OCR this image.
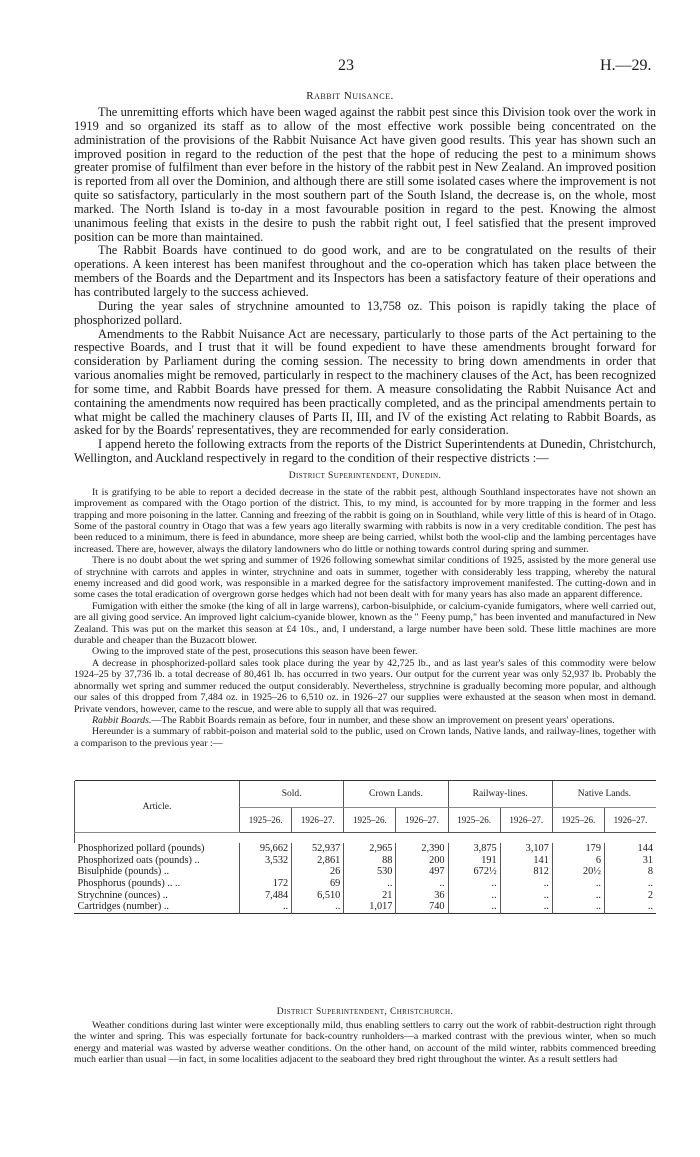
23	H.—29.
Rabbit Nuisance.

The unremitting efforts which have been waged against the rabbit pest since this Division took over the work in 1919 and so organized its staff as to allow of the most effective work possible being concentrated on the administration of the provisions of the Rabbit Nuisance Act have given good results. This year has shown such an improved position in regard to the reduction of the pest that the hope of reducing the pest to a minimum shows greater promise of fulfilment than ever before in the history of the rabbit pest in New Zealand. An improved position is reported from all over the Dominion, and although there are still some isolated cases where the improvement is not quite so satisfactory, particularly in the most southern part of the South Island, the decrease is, on the whole, most marked. The North Island is to-day in a most favourable position in regard to the pest. Knowing the almost unanimous feeling that exists in the desire to push the rabbit right out, I feel satisfied that the present improved position can be more than maintained.

The Rabbit Boards have continued to do good work, and are to be congratulated on the results of their operations. A keen interest has been manifest throughout and the co-operation which has taken place between the members of the Boards and the Department and its Inspectors has been a satisfactory feature of their operations and has contributed largely to the success achieved.

During the year sales of strychnine amounted to 13,758 oz. This poison is rapidly taking the place of phosphorized pollard.

Amendments to the Rabbit Nuisance Act are necessary, particularly to those parts of the Act pertaining to the respective Boards, and I trust that it will be found expedient to have these amendments brought forward for consideration by Parliament during the coming session. The necessity to bring down amendments in order that various anomalies might be removed, particularly in respect to the machinery clauses of the Act, has been recognized for some time, and Rabbit Boards have pressed for them. A measure consolidating the Rabbit Nuisance Act and containing the amendments now required has been practically completed, and as the principal amendments pertain to what might be called the machinery clauses of Parts II, III, and IV of the existing Act relating to Rabbit Boards, as asked for by the Boards' representatives, they are recommended for early consideration.

I append hereto the following extracts from the reports of the District Superintendents at Dunedin, Christchurch, Wellington, and Auckland respectively in regard to the condition of their respective districts :—

District Superintendent, Dunedin.

It is gratifying to be able to report a decided decrease in the state of the rabbit pest, although Southland inspectorates have not shown an improvement as compared with the Otago portion of the district. This, to my mind, is accounted for by more trapping in the former and less trapping and more poisoning in the latter. Canning and freezing of the rabbit is going on in Southland, while very little of this is heard of in Otago. Some of the pastoral country in Otago that was a few years ago literally swarming with rabbits is now in a very creditable condition. The pest has been reduced to a minimum, there is feed in abundance, more sheep are being carried, whilst both the wool-clip and the lambing percentages have increased. There are, however, always the dilatory landowners who do little or nothing towards control during spring and summer.

There is no doubt about the wet spring and summer of 1926 following somewhat similar conditions of 1925, assisted by the more general use of strychnine with carrots and apples in winter, strychnine and oats in summer, together with considerably less trapping, whereby the natural enemy increased and did good work, was responsible in a marked degree for the satisfactory improvement manifested. The cutting-down and in some cases the total eradication of overgrown gorse hedges which had not been dealt with for many years has also made an apparent difference.

Fumigation with either the smoke (the king of all in large warrens), carbon-bisulphide, or calcium-cyanide fumigators, where well carried out, are all giving good service. An improved light calcium-cyanide blower, known as the " Feeny pump," has been invented and manufactured in New Zealand. This was put on the market this season at £4 10s., and, I understand, a large number have been sold. These little machines are more durable and cheaper than the Buzacott blower.

Owing to the improved state of the pest, prosecutions this season have been fewer.

A decrease in phosphorized-pollard sales took place during the year by 42,725 lb., and as last year's sales of this commodity were below 1924–25 by 37,736 lb. a total decrease of 80,461 lb. has occurred in two years. Our output for the current year was only 52,937 lb. Probably the abnormally wet spring and summer reduced the output considerably. Nevertheless, strychnine is gradually becoming more popular, and although our sales of this dropped from 7,484 oz. in 1925–26 to 6,510 oz. in 1926–27 our supplies were exhausted at the season when most in demand. Private vendors, however, came to the rescue, and were able to supply all that was required.

Rabbit Boards.—The Rabbit Boards remain as before, four in number, and these show an improvement on present years' operations.

Hereunder is a summary of rabbit-poison and material sold to the public, used on Crown lands, Native lands, and railway-lines, together with a comparison to the previous year :—

Article.	Sold.		Crown Lands.		Railway-lines.		Native Lands.	
	1925–26.	1926–27.	1925–26.	1926–27.	1925–26.	1926–27.	1925–26.	1926–27.

Phosphorized pollard (pounds)	95,662	52,937	2,965	2,390	3,875	3,107	179	144
Phosphorized oats (pounds) ..	3,532	2,861	88	200	191	141	6	31
Bisulphide (pounds) ..		26	530	497	672½	812	20½	8
Phosphorus (pounds) .. ..	172	69	..	..	..	..	..	..
Strychnine (ounces) ..	7,484	6,510	21	36	..	..	..	2
Cartridges (number) ..	..	..	1,017	740	..	..	..	..

District Superintendent, Christchurch.

Weather conditions during last winter were exceptionally mild, thus enabling settlers to carry out the work of rabbit-destruction right through the winter and spring. This was especially fortunate for back-country runholders—a marked contrast with the previous winter, when so much energy and material was wasted by adverse weather conditions. On the other hand, on account of the mild winter, rabbits commenced breeding much earlier than usual —in fact, in some localities adjacent to the seaboard they bred right throughout the winter. As a result settlers had
